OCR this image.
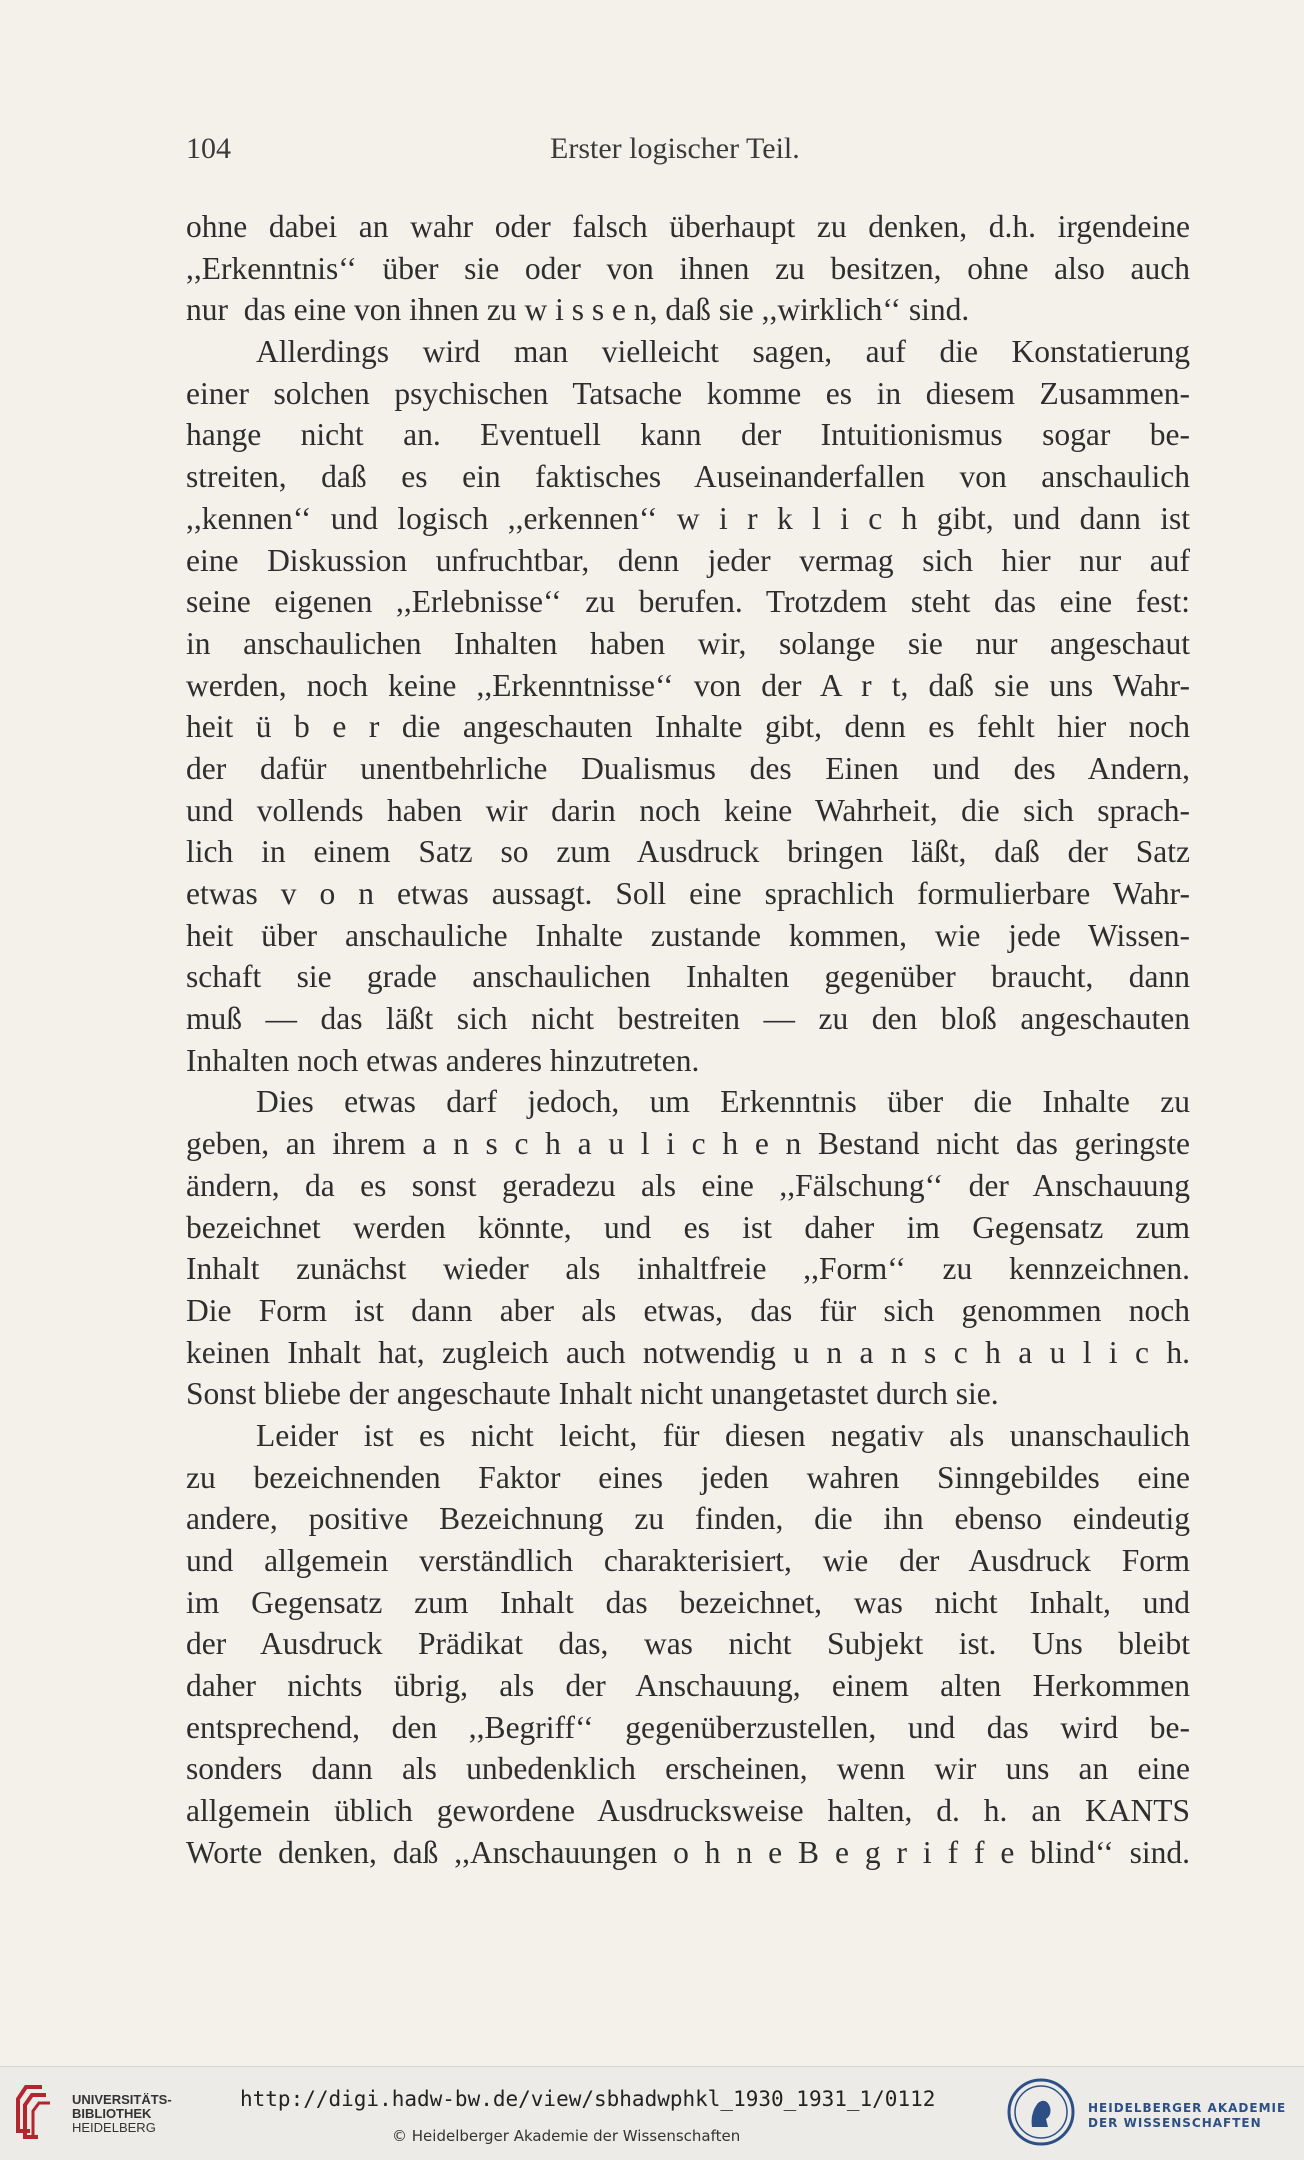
104	Erster logischer Teil.
ohne dabei an wahr oder falsch überhaupt zu denken, d.h. irgendeine
,,Erkenntnis‘‘ über sie oder von ihnen zu besitzen, ohne also auch
nur  das eine von ihnen zu w i s s e n, daß sie ,,wirklich‘‘ sind.
Allerdings wird man vielleicht sagen, auf die Konstatierung
einer solchen psychischen Tatsache komme es in diesem Zusammen-
hange nicht an. Eventuell kann der Intuitionismus sogar be-
streiten, daß es ein faktisches Auseinanderfallen von anschaulich
,,kennen‘‘ und logisch ,,erkennen‘‘ w i r k l i c h gibt, und dann ist
eine Diskussion unfruchtbar, denn jeder vermag sich hier nur auf
seine eigenen ,,Erlebnisse‘‘ zu berufen. Trotzdem steht das eine fest:
in anschaulichen Inhalten haben wir, solange sie nur angeschaut
werden, noch keine ,,Erkenntnisse‘‘ von der A r t, daß sie uns Wahr-
heit ü b e r die angeschauten Inhalte gibt, denn es fehlt hier noch
der dafür unentbehrliche Dualismus des Einen und des Andern,
und vollends haben wir darin noch keine Wahrheit, die sich sprach-
lich in einem Satz so zum Ausdruck bringen läßt, daß der Satz
etwas v o n etwas aussagt. Soll eine sprachlich formulierbare Wahr-
heit über anschauliche Inhalte zustande kommen, wie jede Wissen-
schaft sie grade anschaulichen Inhalten gegenüber braucht, dann
muß — das läßt sich nicht bestreiten — zu den bloß angeschauten
Inhalten noch etwas anderes hinzutreten.
Dies etwas darf jedoch, um Erkenntnis über die Inhalte zu
geben, an ihrem a n s c h a u l i c h e n Bestand nicht das geringste
ändern, da es sonst geradezu als eine ,,Fälschung‘‘ der Anschauung
bezeichnet werden könnte, und es ist daher im Gegensatz zum
Inhalt zunächst wieder als inhaltfreie ,,Form‘‘ zu kennzeichnen.
Die Form ist dann aber als etwas, das für sich genommen noch
keinen Inhalt hat, zugleich auch notwendig u n a n s c h a u l i c h.
Sonst bliebe der angeschaute Inhalt nicht unangetastet durch sie.
Leider ist es nicht leicht, für diesen negativ als unanschaulich
zu bezeichnenden Faktor eines jeden wahren Sinngebildes eine
andere, positive Bezeichnung zu finden, die ihn ebenso eindeutig
und allgemein verständlich charakterisiert, wie der Ausdruck Form
im Gegensatz zum Inhalt das bezeichnet, was nicht Inhalt, und
der Ausdruck Prädikat das, was nicht Subjekt ist. Uns bleibt
daher nichts übrig, als der Anschauung, einem alten Herkommen
entsprechend, den ,,Begriff‘‘ gegenüberzustellen, und das wird be-
sonders dann als unbedenklich erscheinen, wenn wir uns an eine
allgemein üblich gewordene Ausdrucksweise halten, d. h. an KANTS
Worte denken, daß ,,Anschauungen o h n e B e g r i f f e blind‘‘ sind.
UNIVERSITÄTS-
BIBLIOTHEK
HEIDELBERG
http://digi.hadw-bw.de/view/sbhadwphkl_1930_1931_1/0112
© Heidelberger Akademie der Wissenschaften
HEIDELBERGER AKADEMIE
DER WISSENSCHAFTEN
